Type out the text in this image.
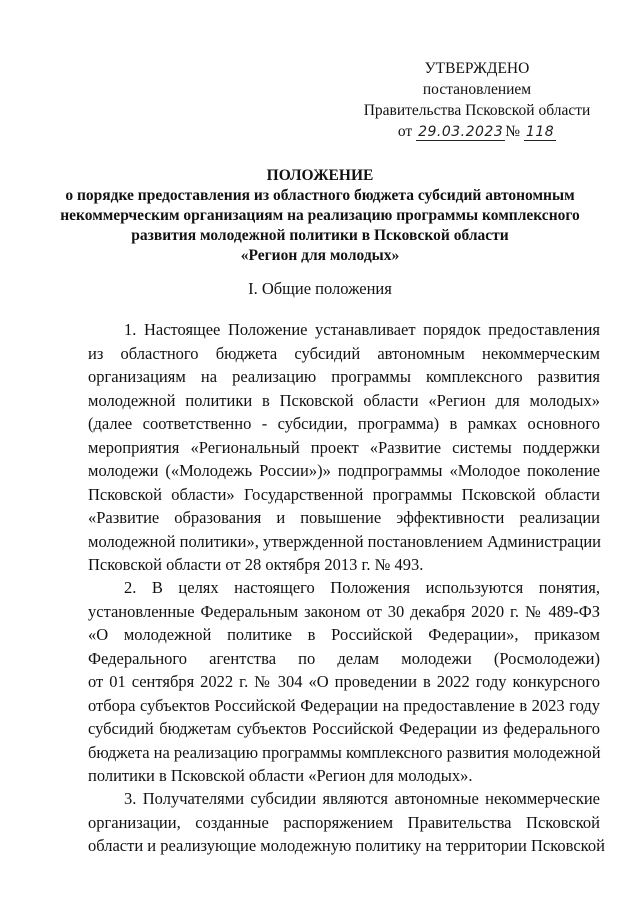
УТВЕРЖДЕНО
постановлением
Правительства Псковской области
от 29.03.2023 № 118
ПОЛОЖЕНИЕ
о порядке предоставления из областного бюджета субсидий автономным
некоммерческим организациям на реализацию программы комплексного
развития молодежной политики в Псковской области
«Регион для молодых»
I. Общие положения
1. Настоящее Положение устанавливает порядок предоставления
из областного бюджета субсидий автономным некоммерческим
организациям на реализацию программы комплексного развития
молодежной политики в Псковской области «Регион для молодых»
(далее соответственно - субсидии, программа) в рамках основного
мероприятия «Региональный проект «Развитие системы поддержки
молодежи («Молодежь России»)» подпрограммы «Молодое поколение
Псковской области» Государственной программы Псковской области
«Развитие образования и повышение эффективности реализации
молодежной политики», утвержденной постановлением Администрации
Псковской области от 28 октября 2013 г. № 493.
2. В целях настоящего Положения используются понятия,
установленные Федеральным законом от 30 декабря 2020 г. № 489-ФЗ
«О молодежной политике в Российской Федерации», приказом
Федерального агентства по делам молодежи (Росмолодежи)
от 01 сентября 2022 г. № 304 «О проведении в 2022 году конкурсного
отбора субъектов Российской Федерации на предоставление в 2023 году
субсидий бюджетам субъектов Российской Федерации из федерального
бюджета на реализацию программы комплексного развития молодежной
политики в Псковской области «Регион для молодых».
3. Получателями субсидии являются автономные некоммерческие
организации, созданные распоряжением Правительства Псковской
области и реализующие молодежную политику на территории Псковской
